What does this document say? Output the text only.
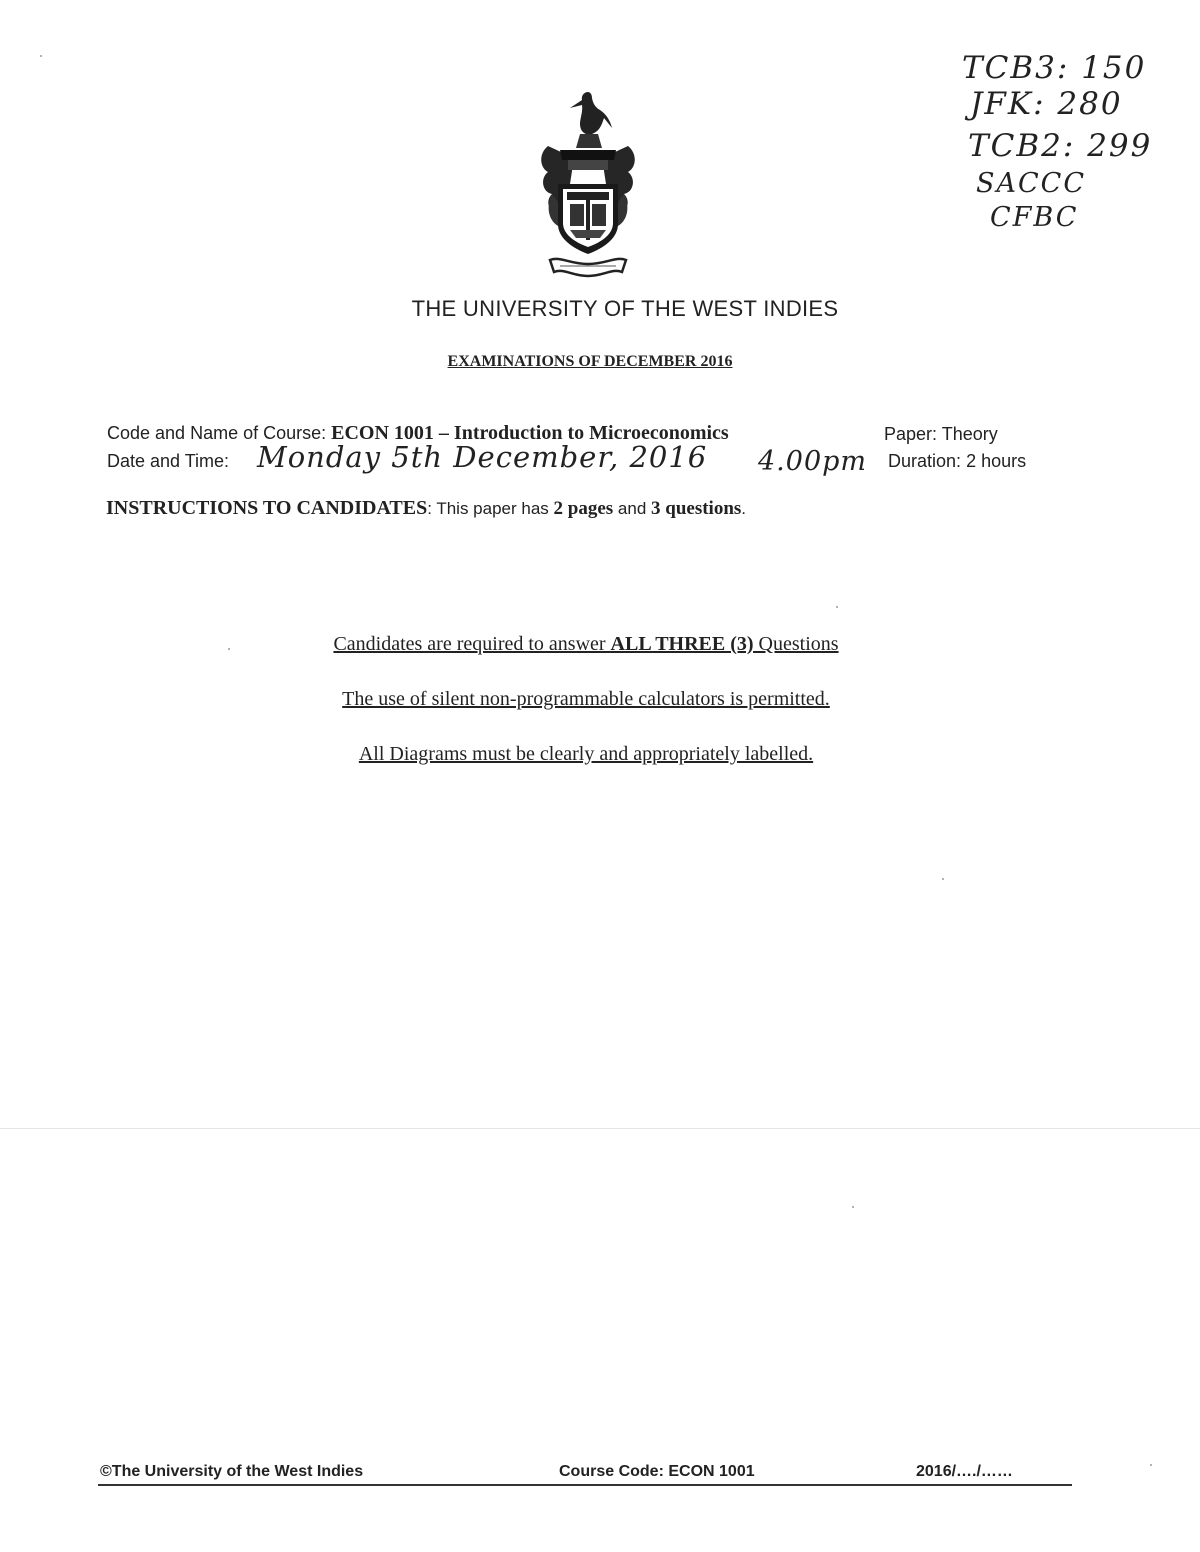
TCB3: 150
JFK: 280
TCB2: 299
SACCC
CFBC
THE UNIVERSITY OF THE WEST INDIES
EXAMINATIONS OF DECEMBER 2016
Code and Name of Course: ECON 1001 – Introduction to Microeconomics	Paper: Theory
Date and Time: Monday 5th December, 2016 4.00pm Duration: 2 hours
INSTRUCTIONS TO CANDIDATES: This paper has 2 pages and 3 questions.
Candidates are required to answer ALL THREE (3) Questions
The use of silent non-programmable calculators is permitted.
All Diagrams must be clearly and appropriately labelled.
©The University of the West Indies	Course Code: ECON 1001	2016/…./……
